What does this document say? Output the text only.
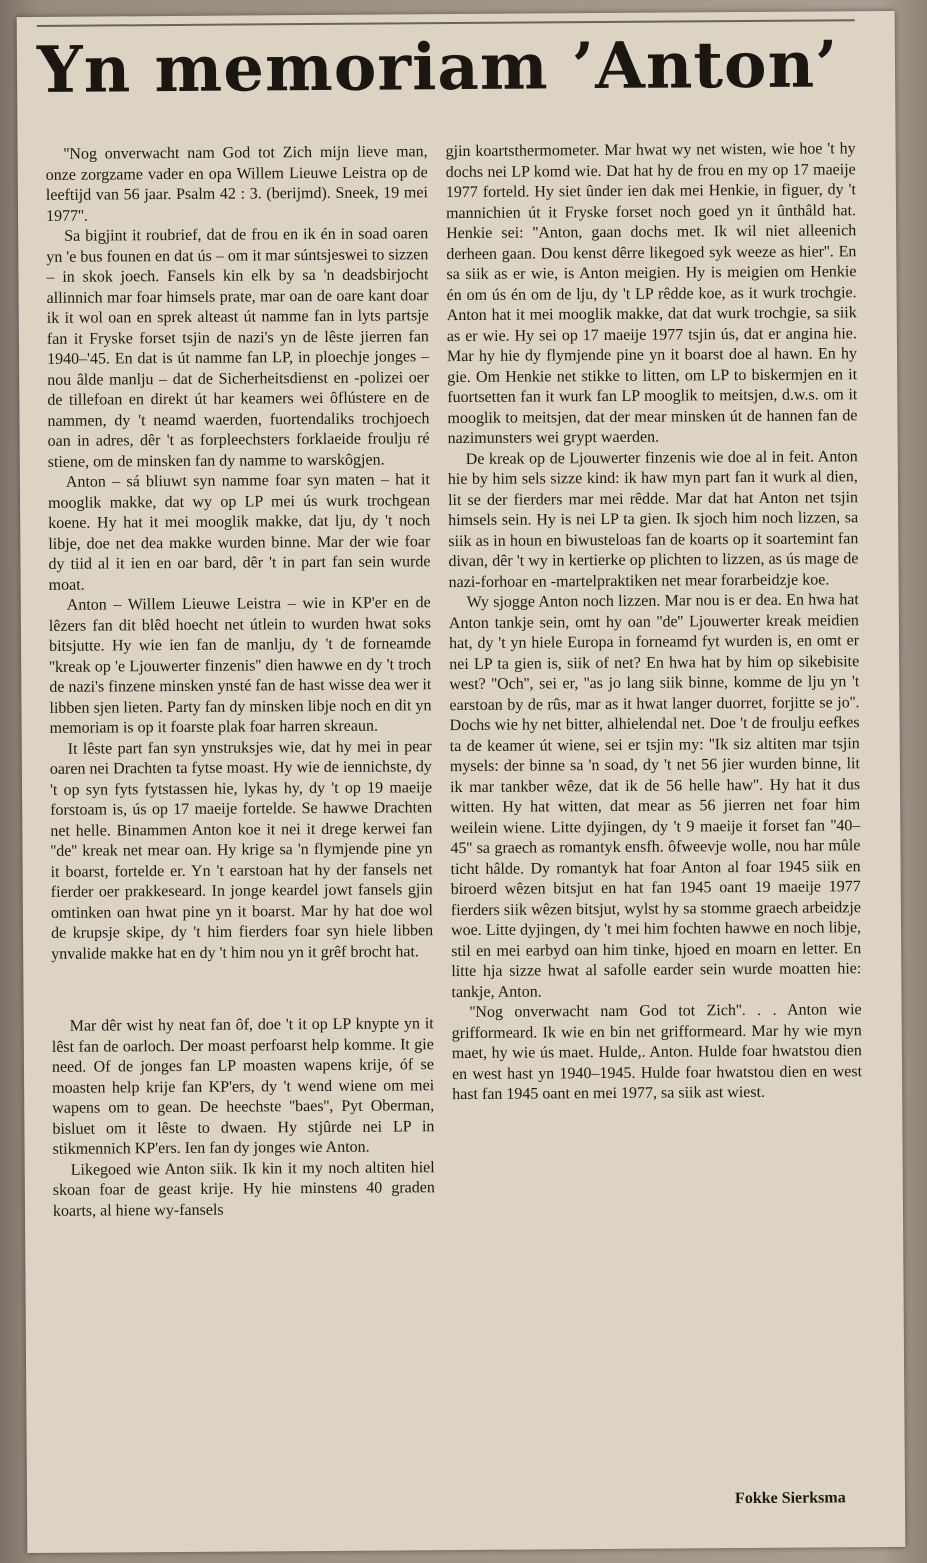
Yn memoriam ’Anton’

''Nog onverwacht nam God tot Zich mijn lieve man, onze zorgzame vader en opa Willem Lieuwe Leistra op de leeftijd van 56 jaar. Psalm 42 : 3. (berijmd). Sneek, 19 mei 1977''.

Sa bigjint it roubrief, dat de frou en ik én in soad oaren yn 'e bus founen en dat ús – om it mar súntsjeswei to sizzen – in skok joech. Fansels kin elk by sa 'n deadsbirjocht allinnich mar foar himsels prate, mar oan de oare kant doar ik it wol oan en sprek alteast út namme fan in lyts partsje fan it Fryske forset tsjin de nazi's yn de lêste jierren fan 1940–'45. En dat is út namme fan LP, in ploechje jonges – nou âlde manlju – dat de Sicherheitsdienst en -polizei oer de tillefoan en direkt út har keamers wei ôflústere en de nammen, dy 't neamd waerden, fuortendaliks trochjoech oan in adres, dêr 't as forpleechsters forklaeide froulju ré stiene, om de minsken fan dy namme to warskôgjen.

Anton – sá bliuwt syn namme foar syn maten – hat it mooglik makke, dat wy op LP mei ús wurk trochgean koene. Hy hat it mei mooglik makke, dat lju, dy 't noch libje, doe net dea makke wurden binne. Mar der wie foar dy tiid al it ien en oar bard, dêr 't in part fan sein wurde moat.

Anton – Willem Lieuwe Leistra – wie in KP'er en de lêzers fan dit blêd hoecht net útlein to wurden hwat soks bitsjutte. Hy wie ien fan de manlju, dy 't de forneamde ''kreak op 'e Ljouwerter finzenis'' dien hawwe en dy 't troch de nazi's finzene minsken ynsté fan de hast wisse dea wer it libben sjen lieten. Party fan dy minsken libje noch en dit yn memoriam is op it foarste plak foar harren skreaun.

It lêste part fan syn ynstruksjes wie, dat hy mei in pear oaren nei Drachten ta fytse moast. Hy wie de iennichste, dy 't op syn fyts fytstassen hie, lykas hy, dy 't op 19 maeije forstoam is, ús op 17 maeije fortelde. Se hawwe Drachten net helle. Binammen Anton koe it nei it drege kerwei fan ''de'' kreak net mear oan. Hy krige sa 'n flymjende pine yn it boarst, fortelde er. Yn 't earstoan hat hy der fansels net fierder oer prakkeseard. In jonge keardel jowt fansels gjin omtinken oan hwat pine yn it boarst. Mar hy hat doe wol de krupsje skipe, dy 't him fierders foar syn hiele libben ynvalide makke hat en dy 't him nou yn it grêf brocht hat.

Mar dêr wist hy neat fan ôf, doe 't it op LP knypte yn it lêst fan de oarloch. Der moast perfoarst help komme. It gie need. Of de jonges fan LP moasten wapens krije, óf se moasten help krije fan KP'ers, dy 't wend wiene om mei wapens om to gean. De heechste ''baes'', Pyt Oberman, bisluet om it lêste to dwaen. Hy stjûrde nei LP in stikmennich KP'ers. Ien fan dy jonges wie Anton.

Likegoed wie Anton siik. Ik kin it my noch altiten hiel skoan foar de geast krije. Hy hie minstens 40 graden koarts, al hiene wy-fansels

gjin koartsthermometer. Mar hwat wy net wisten, wie hoe 't hy dochs nei LP komd wie. Dat hat hy de frou en my op 17 maeije 1977 forteld. Hy siet ûnder ien dak mei Henkie, in figuer, dy 't mannichien út it Fryske forset noch goed yn it ûnthâld hat. Henkie sei: ''Anton, gaan dochs met. Ik wil niet alleenich derheen gaan. Dou kenst dêrre likegoed syk weeze as hier''. En sa siik as er wie, is Anton meigien. Hy is meigien om Henkie én om ús én om de lju, dy 't LP rêdde koe, as it wurk trochgie. Anton hat it mei mooglik makke, dat dat wurk trochgie, sa siik as er wie. Hy sei op 17 maeije 1977 tsjin ús, dat er angina hie. Mar hy hie dy flymjende pine yn it boarst doe al hawn. En hy gie. Om Henkie net stikke to litten, om LP to biskermjen en it fuortsetten fan it wurk fan LP mooglik to meitsjen, d.w.s. om it mooglik to meitsjen, dat der mear minsken út de hannen fan de nazimunsters wei grypt waerden.

De kreak op de Ljouwerter finzenis wie doe al in feit. Anton hie by him sels sizze kind: ik haw myn part fan it wurk al dien, lit se der fierders mar mei rêdde. Mar dat hat Anton net tsjin himsels sein. Hy is nei LP ta gien. Ik sjoch him noch lizzen, sa siik as in houn en biwusteloas fan de koarts op it soartemint fan divan, dêr 't wy in kertierke op plichten to lizzen, as ús mage de nazi-forhoar en -martelpraktiken net mear forarbeidzje koe.

Wy sjogge Anton noch lizzen. Mar nou is er dea. En hwa hat Anton tankje sein, omt hy oan ''de'' Ljouwerter kreak meidien hat, dy 't yn hiele Europa in forneamd fyt wurden is, en omt er nei LP ta gien is, siik of net? En hwa hat by him op sikebisite west? ''Och'', sei er, ''as jo lang siik binne, komme de lju yn 't earstoan by de rûs, mar as it hwat langer duorret, forjitte se jo''. Dochs wie hy net bitter, alhielendal net. Doe 't de froulju eefkes ta de keamer út wiene, sei er tsjin my: ''Ik siz altiten mar tsjin mysels: der binne sa 'n soad, dy 't net 56 jier wurden binne, lit ik mar tankber wêze, dat ik de 56 helle haw''. Hy hat it dus witten. Hy hat witten, dat mear as 56 jierren net foar him weilein wiene. Litte dyjingen, dy 't 9 maeije it forset fan ''40–45'' sa graech as romantyk ensfh. ôfweevje wolle, nou har mûle ticht hâlde. Dy romantyk hat foar Anton al foar 1945 siik en biroerd wêzen bitsjut en hat fan 1945 oant 19 maeije 1977 fierders siik wêzen bitsjut, wylst hy sa stomme graech arbeidzje woe. Litte dyjingen, dy 't mei him fochten hawwe en noch libje, stil en mei earbyd oan him tinke, hjoed en moarn en letter. En litte hja sizze hwat al safolle earder sein wurde moatten hie: tankje, Anton.

''Nog onverwacht nam God tot Zich''. . . Anton wie grifformeard. Ik wie en bin net grifformeard. Mar hy wie myn maet, hy wie ús maet. Hulde,. Anton. Hulde foar hwatstou dien en west hast yn 1940–1945. Hulde foar hwatstou dien en west hast fan 1945 oant en mei 1977, sa siik ast wiest.

Fokke Sierksma
